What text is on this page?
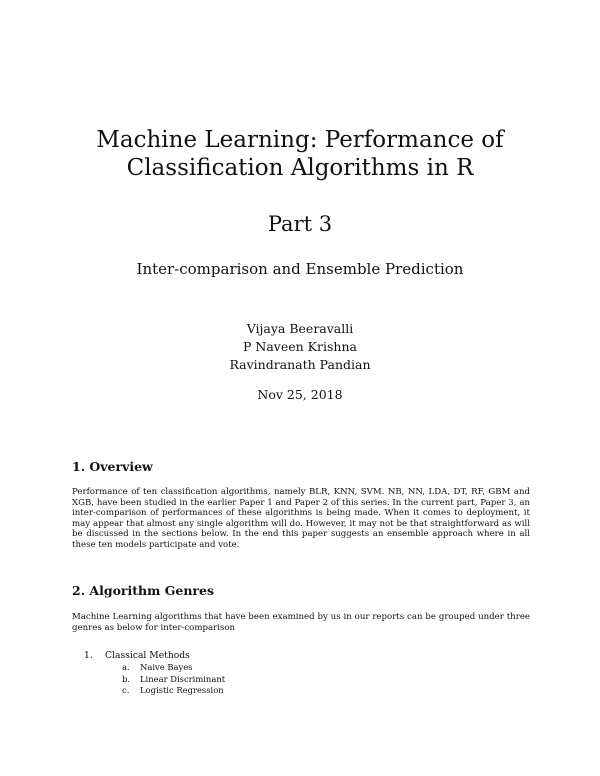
Machine Learning: Performance of
Classification Algorithms in R
Part 3
Inter-comparison and Ensemble Prediction
Vijaya Beeravalli
P Naveen Krishna
Ravindranath Pandian
Nov 25, 2018
1. Overview

Performance of ten classification algorithms, namely BLR, KNN, SVM. NB, NN, LDA, DT, RF, GBM and XGB, have been studied in the earlier Paper 1 and Paper 2 of this series. In the current part, Paper 3, an inter-comparison of performances of these algorithms is being made. When it comes to deployment, it may appear that almost any single algorithm will do. However, it may not be that straightforward as will be discussed in the sections below. In the end this paper suggests an ensemble approach where in all these ten models participate and vote.

2. Algorithm Genres

Machine Learning algorithms that have been examined by us in our reports can be grouped under three genres as below for inter-comparison

1. Classical Methods
a. Naive Bayes
b. Linear Discriminant
c. Logistic Regression
